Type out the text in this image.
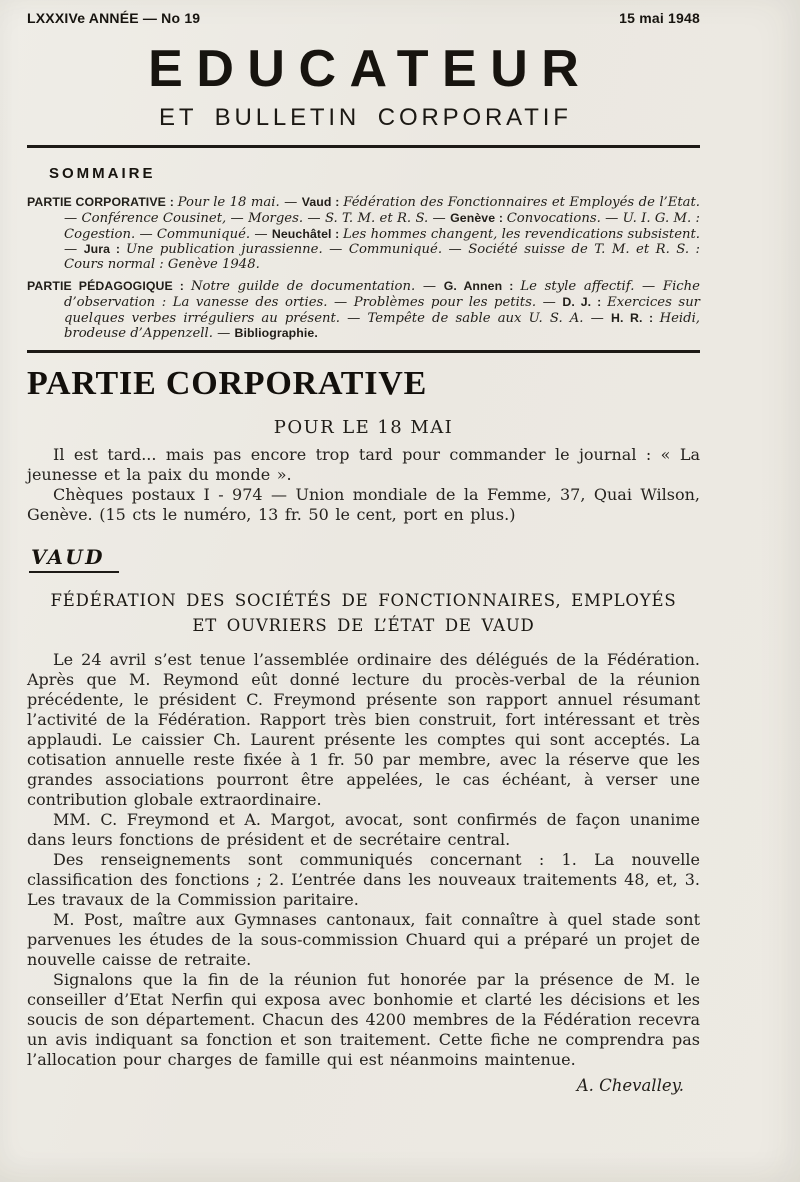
LXXXIVe ANNÉE — No 19	15 mai 1948
EDUCATEUR
ET BULLETIN CORPORATIF
SOMMAIRE

PARTIE CORPORATIVE : Pour le 18 mai. — Vaud : Fédération des Fonctionnaires et Employés de l’Etat. — Conférence Cousinet, — Morges. — S. T. M. et R. S. — Genève : Convocations. — U. I. G. M. : Cogestion. — Communiqué. — Neuchâtel : Les hommes changent, les revendications subsistent. — Jura : Une publication jurassienne. — Communiqué. — Société suisse de T. M. et R. S. : Cours normal : Genève 1948.

PARTIE PÉDAGOGIQUE : Notre guilde de documentation. — G. Annen : Le style affectif. — Fiche d’observation : La vanesse des orties. — Problèmes pour les petits. — D. J. : Exercices sur quelques verbes irréguliers au présent. — Tempête de sable aux U. S. A. — H. R. : Heidi, brodeuse d’Appenzell. — Bibliographie.

PARTIE CORPORATIVE
POUR LE 18 MAI

Il est tard... mais pas encore trop tard pour commander le journal : « La jeunesse et la paix du monde ».

Chèques postaux I - 974 — Union mondiale de la Femme, 37, Quai Wilson, Genève. (15 cts le numéro, 13 fr. 50 le cent, port en plus.)

VAUD
FÉDÉRATION DES SOCIÉTÉS DE FONCTIONNAIRES, EMPLOYÉS
ET OUVRIERS DE L’ÉTAT DE VAUD

Le 24 avril s’est tenue l’assemblée ordinaire des délégués de la Fédération. Après que M. Reymond eût donné lecture du procès-verbal de la réunion précédente, le président C. Freymond présente son rapport annuel résumant l’activité de la Fédération. Rapport très bien construit, fort intéressant et très applaudi. Le caissier Ch. Laurent présente les comptes qui sont acceptés. La cotisation annuelle reste fixée à 1 fr. 50 par membre, avec la réserve que les grandes associations pourront être appelées, le cas échéant, à verser une contribution globale extraordinaire.

MM. C. Freymond et A. Margot, avocat, sont confirmés de façon unanime dans leurs fonctions de président et de secrétaire central.

Des renseignements sont communiqués concernant : 1. La nouvelle classification des fonctions ; 2. L’entrée dans les nouveaux traitements 48, et, 3. Les travaux de la Commission paritaire.

M. Post, maître aux Gymnases cantonaux, fait connaître à quel stade sont parvenues les études de la sous-commission Chuard qui a préparé un projet de nouvelle caisse de retraite.

Signalons que la fin de la réunion fut honorée par la présence de M. le conseiller d’Etat Nerfin qui exposa avec bonhomie et clarté les décisions et les soucis de son département. Chacun des 4200 membres de la Fédération recevra un avis indiquant sa fonction et son traitement. Cette fiche ne comprendra pas l’allocation pour charges de famille qui est néanmoins maintenue.

A. Chevalley.
